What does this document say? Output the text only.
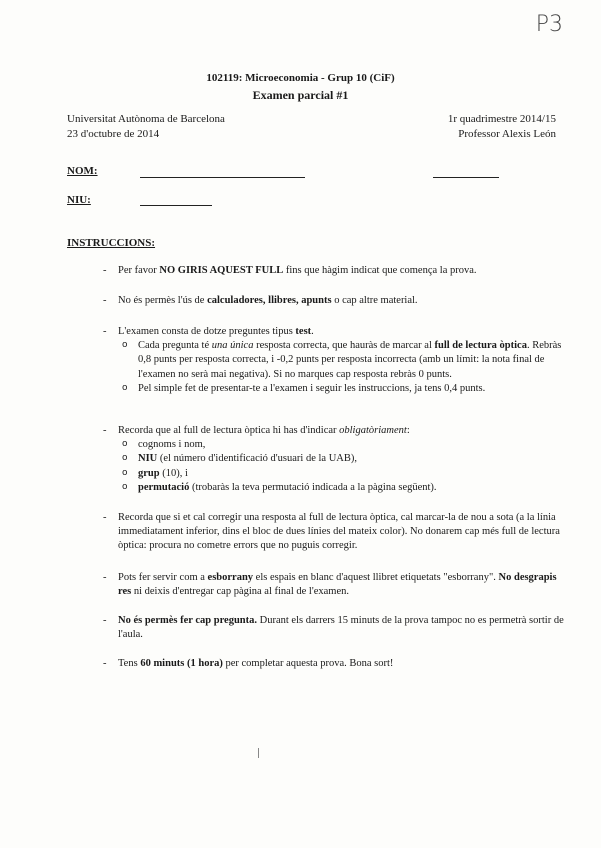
P3
102119: Microeconomia - Grup 10 (CiF)
Examen parcial #1
Universitat Autònoma de Barcelona
23 d'octubre de 2014
1r quadrimestre 2014/15
Professor Alexis León
NOM:
NIU:
INSTRUCCIONS:
- Per favor NO GIRIS AQUEST FULL fins que hàgim indicat que comença la prova.
- No és permès l'ús de calculadores, llibres, apunts o cap altre material.
- L'examen consta de dotze preguntes tipus test.
o Cada pregunta té una única resposta correcta, que hauràs de marcar al full de lectura òptica. Rebràs 0,8 punts per resposta correcta, i -0,2 punts per resposta incorrecta (amb un límit: la nota final de l'examen no serà mai negativa). Si no marques cap resposta rebràs 0 punts.
o Pel simple fet de presentar-te a l'examen i seguir les instruccions, ja tens 0,4 punts.
- Recorda que al full de lectura òptica hi has d'indicar obligatòriament:
o cognoms i nom,
o NIU (el número d'identificació d'usuari de la UAB),
o grup (10), i
o permutació (trobaràs la teva permutació indicada a la pàgina següent).
- Recorda que si et cal corregir una resposta al full de lectura òptica, cal marcar-la de nou a sota (a la línia immediatament inferior, dins el bloc de dues línies del mateix color). No donarem cap més full de lectura òptica: procura no cometre errors que no puguis corregir.
- Pots fer servir com a esborrany els espais en blanc d'aquest llibret etiquetats "esborrany". No desgrapis res ni deixis d'entregar cap pàgina al final de l'examen.
- No és permès fer cap pregunta. Durant els darrers 15 minuts de la prova tampoc no es permetrà sortir de l'aula.
- Tens 60 minuts (1 hora) per completar aquesta prova. Bona sort!
